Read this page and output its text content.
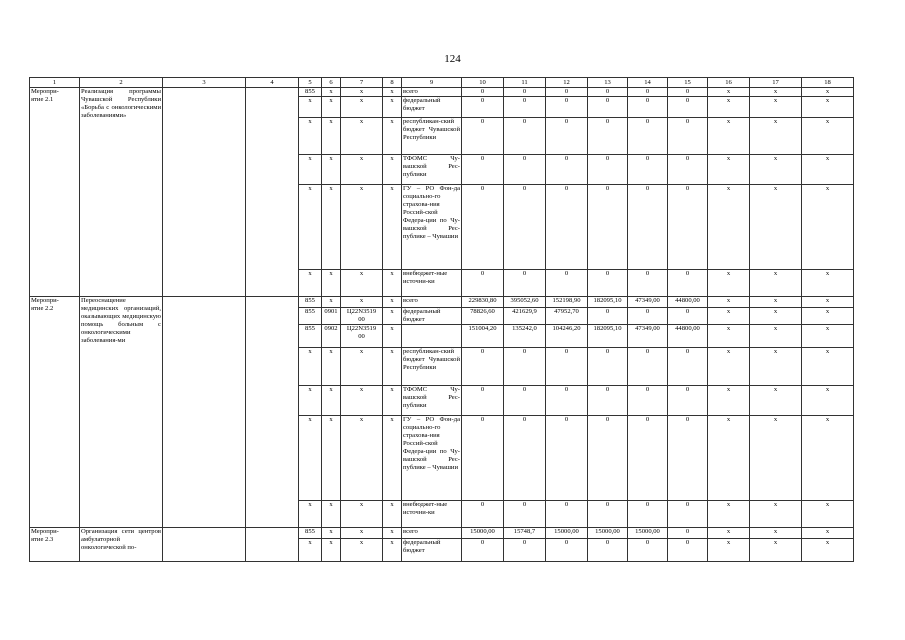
124
1	2	3	4	5	6	7	8	9	10	11	12	13	14	15	16	17	18
Меропри-
ятие 2.1	Реализация программы Чувашской Республики «Борьба с онкологическими заболеваниями»			855	x	x	x	всего	0	0	0	0	0	0	x	x	x
				x	x	x	x	федеральный бюджет	0	0	0	0	0	0	x	x	x
				x	x	x	x	республикан-ский бюджет Чувашской Республики	0	0	0	0	0	0	x	x	x
				x	x	x	x	ТФОМС Чу-вашской Рес-публики	0	0	0	0	0	0	x	x	x
				x	x	x	x	ГУ – РО Фон-да социально-го страхова-ния Россий-ской Федера-ции по Чу-вашской Рес-публике – Чувашии	0	0	0	0	0	0	x	x	x
				x	x	x	x	внебюджет-ные источни-ки	0	0	0	0	0	0	x	x	x
Меропри-
ятие 2.2	Переоснащение медицинских организаций, оказывающих медицинскую помощь больным с онкологическими заболевания-ми			855	x	x	x	всего	229830,80	395052,60	152198,90	182095,10	47349,00	44800,00	x	x	x
				855	0901	Ц22N3519
00	x	федеральный бюджет	78826,60	421629,9	47952,70	0	0	0	x	x	x
				855	0902	Ц22N3519
00	x		151004,20	135242,0	104246,20	182095,10	47349,00	44800,00	x	x	x
				x	x	x	x	республикан-ский бюджет Чувашской Республики	0	0	0	0	0	0	x	x	x
				x	x	x	x	ТФОМС Чу-вашской Рес-публики	0	0	0	0	0	0	x	x	x
				x	x	x	x	ГУ – РО Фон-да социально-го страхова-ния Россий-ской Федера-ции по Чу-вашской Рес-публике – Чувашии	0	0	0	0	0	0	x	x	x
				x	x	x	x	внебюджет-ные источни-ки	0	0	0	0	0	0	x	x	x
Меропри-
ятие 2.3	Организация сети центров амбулаторной онкологической по-			855	x	x	x	всего	15000,00	15748,7	15000,00	15000,00	15000,00	0	x	x	x
				x	x	x	x	федеральный бюджет	0	0	0	0	0	0	x	x	x
